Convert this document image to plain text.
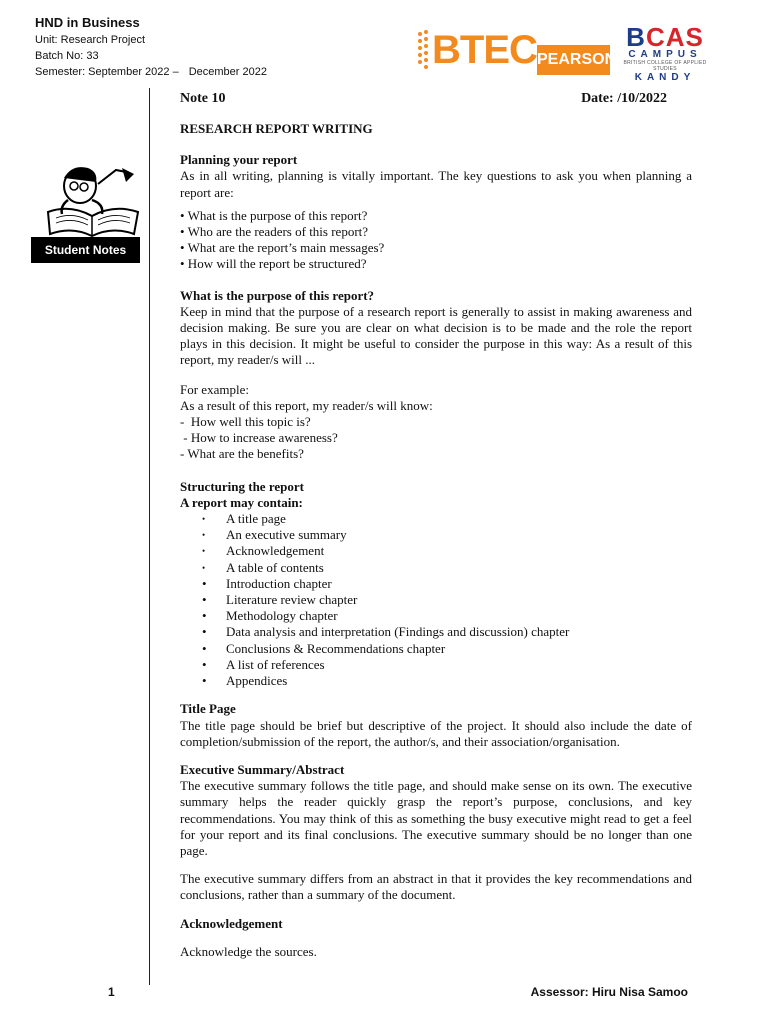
HND in Business
Unit: Research Project
Batch No: 33
Semester: September 2022 – December 2022	BTEC PEARSON
BCAS
CAMPUS
BRITISH COLLEGE OF APPLIED STUDIES
KANDY
Student Notes
Note 10	Date: /10/2022
RESEARCH REPORT WRITING
Planning your report
As in all writing, planning is vitally important. The key questions to ask you when planning a report are:
• What is the purpose of this report?
• Who are the readers of this report?
• What are the report’s main messages?
• How will the report be structured?
What is the purpose of this report?
Keep in mind that the purpose of a research report is generally to assist in making awareness and decision making. Be sure you are clear on what decision is to be made and the role the report plays in this decision. It might be useful to consider the purpose in this way: As a result of this report, my reader/s will ...
For example:
As a result of this report, my reader/s will know:
-  How well this topic is?
- How to increase awareness?
- What are the benefits?
Structuring the report
A report may contain:
• A title page
• An executive summary
• Acknowledgement
• A table of contents
• Introduction chapter
• Literature review chapter
• Methodology chapter
• Data analysis and interpretation (Findings and discussion) chapter
• Conclusions & Recommendations chapter
• A list of references
• Appendices
Title Page
The title page should be brief but descriptive of the project. It should also include the date of completion/submission of the report, the author/s, and their association/organisation.
Executive Summary/Abstract
The executive summary follows the title page, and should make sense on its own. The executive summary helps the reader quickly grasp the report’s purpose, conclusions, and key recommendations. You may think of this as something the busy executive might read to get a feel for your report and its final conclusions. The executive summary should be no longer than one page.
The executive summary differs from an abstract in that it provides the key recommendations and conclusions, rather than a summary of the document.
Acknowledgement
Acknowledge the sources.
1	Assessor: Hiru Nisa Samoo
